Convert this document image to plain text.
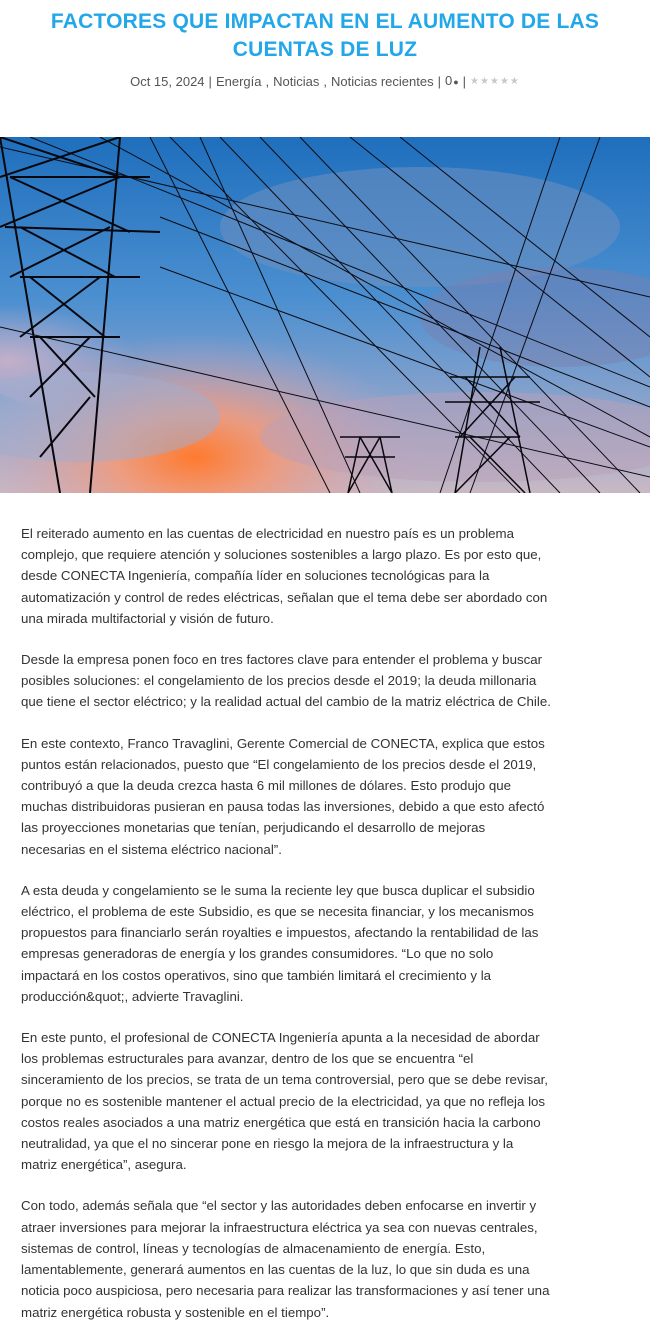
FACTORES QUE IMPACTAN EN EL AUMENTO DE LAS CUENTAS DE LUZ
Oct 15, 2024 | Energía , Noticias , Noticias recientes | 0● | ★★★★★

El reiterado aumento en las cuentas de electricidad en nuestro país es un problema complejo, que requiere atención y soluciones sostenibles a largo plazo. Es por esto que, desde CONECTA Ingeniería, compañía líder en soluciones tecnológicas para la automatización y control de redes eléctricas, señalan que el tema debe ser abordado con una mirada multifactorial y visión de futuro.

Desde la empresa ponen foco en tres factores clave para entender el problema y buscar posibles soluciones: el congelamiento de los precios desde el 2019; la deuda millonaria que tiene el sector eléctrico; y la realidad actual del cambio de la matriz eléctrica de Chile.

En este contexto, Franco Travaglini, Gerente Comercial de CONECTA, explica que estos puntos están relacionados, puesto que “El congelamiento de los precios desde el 2019, contribuyó a que la deuda crezca hasta 6 mil millones de dólares. Esto produjo que muchas distribuidoras pusieran en pausa todas las inversiones, debido a que esto afectó las proyecciones monetarias que tenían, perjudicando el desarrollo de mejoras necesarias en el sistema eléctrico nacional”.

A esta deuda y congelamiento se le suma la reciente ley que busca duplicar el subsidio eléctrico, el problema de este Subsidio, es que se necesita financiar, y los mecanismos propuestos para financiarlo serán royalties e impuestos, afectando la rentabilidad de las empresas generadoras de energía y los grandes consumidores. “Lo que no solo impactará en los costos operativos, sino que también limitará el crecimiento y la producción&quot;, advierte Travaglini.

En este punto, el profesional de CONECTA Ingeniería apunta a la necesidad de abordar los problemas estructurales para avanzar, dentro de los que se encuentra “el sinceramiento de los precios, se trata de un tema controversial, pero que se debe revisar, porque no es sostenible mantener el actual precio de la electricidad, ya que no refleja los costos reales asociados a una matriz energética que está en transición hacia la carbono neutralidad, ya que el no sincerar pone en riesgo la mejora de la infraestructura y la matriz energética”, asegura.

Con todo, además señala que “el sector y las autoridades deben enfocarse en invertir y atraer inversiones para mejorar la infraestructura eléctrica ya sea con nuevas centrales, sistemas de control, líneas y tecnologías de almacenamiento de energía. Esto, lamentablemente, generará aumentos en las cuentas de la luz, lo que sin duda es una noticia poco auspiciosa, pero necesaria para realizar las transformaciones y así tener una matriz energética robusta y sostenible en el tiempo”.
